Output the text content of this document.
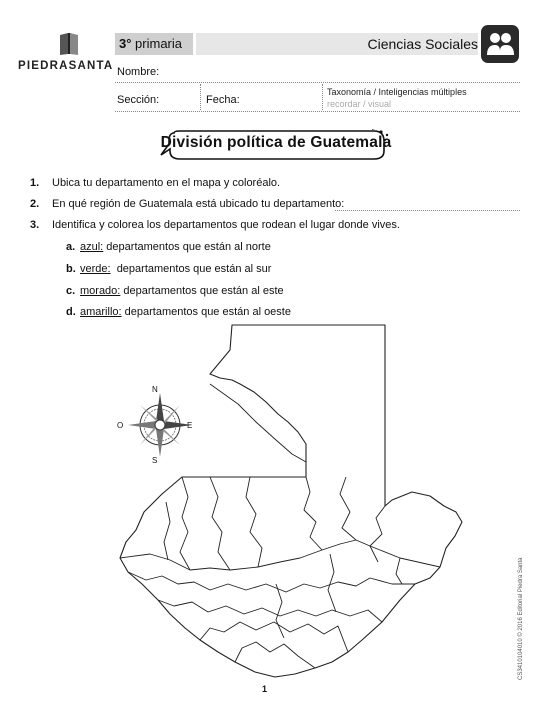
PIEDRASANTA
3° primaria	Ciencias Sociales
Nombre:
Sección:	Fecha:
Taxonomía / Inteligencias múltiples
recordar / visual
División política de Guatemala
1. Ubica tu departamento en el mapa y coloréalo.
2. En qué región de Guatemala está ubicado tu departamento:
3. Identifica y colorea los departamentos que rodean el lugar donde vives.
a. azul: departamentos que están al norte
b. verde:  departamentos que están al sur
c. morado: departamentos que están al este
d. amarillo: departamentos que están al oeste
N
S
O	E
1
CS3410104010 © 2016 Editorial Piedra Santa
